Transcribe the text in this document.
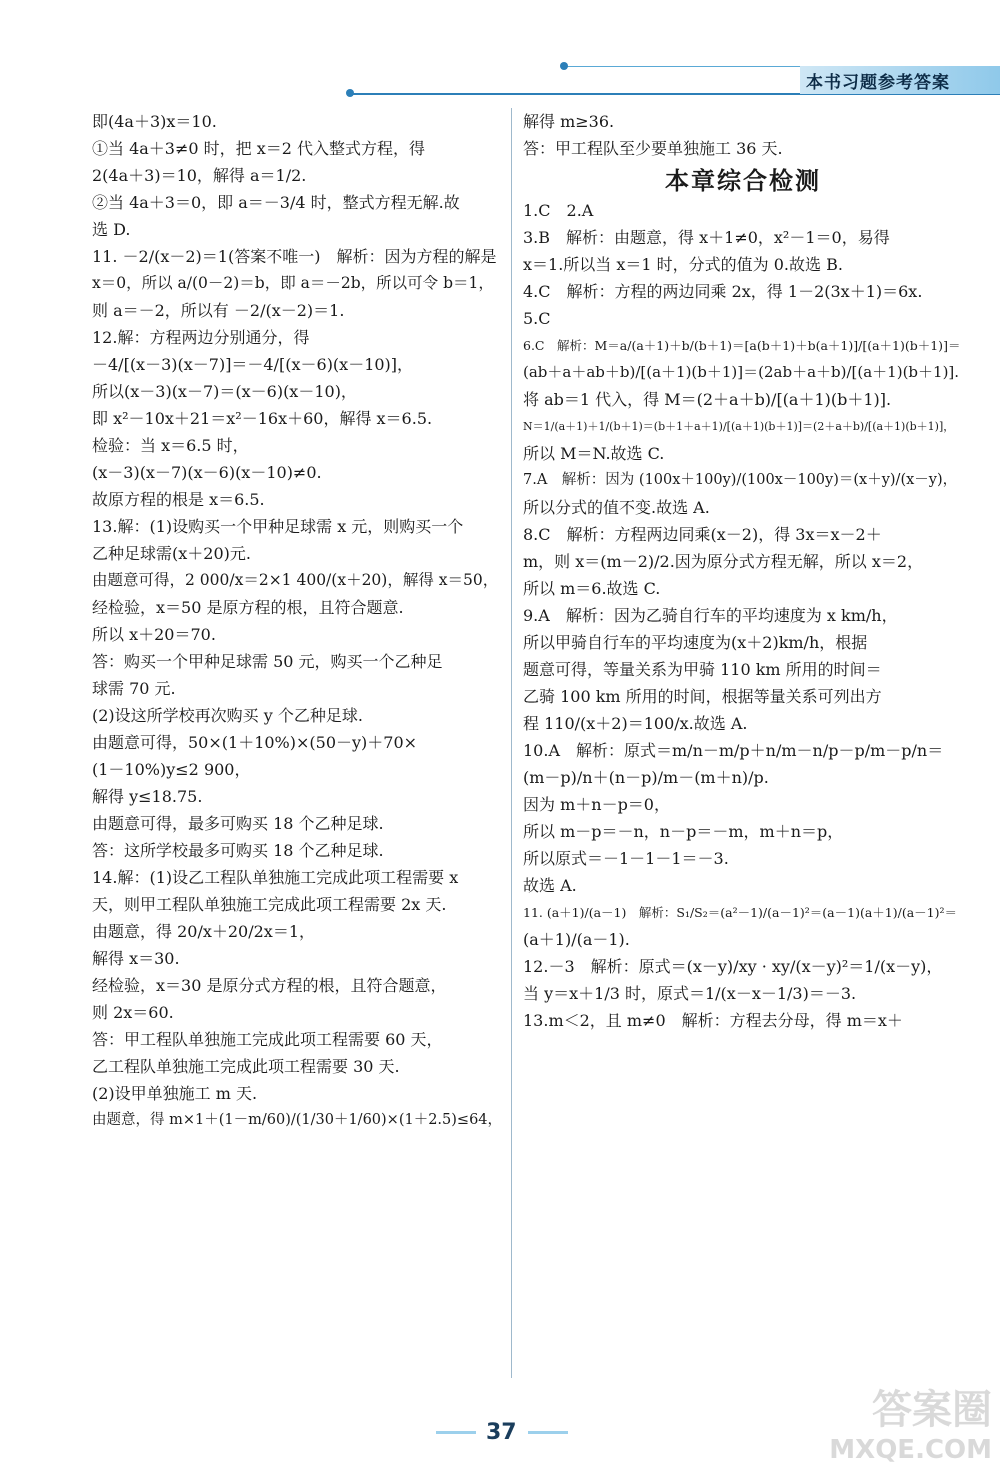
本书习题参考答案

即(4a＋3)x＝10.

①当 4a＋3≠0 时，把 x＝2 代入整式方程，得

2(4a＋3)＝10，解得 a＝1/2.

②当 4a＋3＝0，即 a＝－3/4 时，整式方程无解.故

选 D.

11. －2/(x－2)＝1(答案不唯一)　解析：因为方程的解是

x＝0，所以 a/(0－2)＝b，即 a＝－2b，所以可令 b＝1，

则 a＝－2，所以有 －2/(x－2)＝1.

12.解：方程两边分别通分，得

－4/[(x－3)(x－7)]＝－4/[(x－6)(x－10)]，

所以(x－3)(x－7)＝(x－6)(x－10)，

即 x²－10x＋21＝x²－16x＋60，解得 x＝6.5.

检验：当 x＝6.5 时，

(x－3)(x－7)(x－6)(x－10)≠0.

故原方程的根是 x＝6.5.

13.解：(1)设购买一个甲种足球需 x 元，则购买一个

乙种足球需(x＋20)元.

由题意可得，2 000/x＝2×1 400/(x＋20)，解得 x＝50，

经检验，x＝50 是原方程的根，且符合题意.

所以 x＋20＝70.

答：购买一个甲种足球需 50 元，购买一个乙种足

球需 70 元.

(2)设这所学校再次购买 y 个乙种足球.

由题意可得，50×(1＋10%)×(50－y)＋70×

(1－10%)y≤2 900，

解得 y≤18.75.

由题意可得，最多可购买 18 个乙种足球.

答：这所学校最多可购买 18 个乙种足球.

14.解：(1)设乙工程队单独施工完成此项工程需要 x

天，则甲工程队单独施工完成此项工程需要 2x 天.

由题意，得 20/x＋20/2x＝1，

解得 x＝30.

经检验，x＝30 是原分式方程的根，且符合题意，

则 2x＝60.

答：甲工程队单独施工完成此项工程需要 60 天，

乙工程队单独施工完成此项工程需要 30 天.

(2)设甲单独施工 m 天.

由题意，得 m×1＋(1－m/60)/(1/30＋1/60)×(1＋2.5)≤64，

解得 m≥36.

答：甲工程队至少要单独施工 36 天.

本章综合检测

1.C　2.A

3.B　解析：由题意，得 x＋1≠0，x²－1＝0，易得

x＝1.所以当 x＝1 时，分式的值为 0.故选 B.

4.C　解析：方程的两边同乘 2x，得 1－2(3x＋1)＝6x.

5.C

6.C　解析：M＝a/(a＋1)＋b/(b＋1)＝[a(b＋1)＋b(a＋1)]/[(a＋1)(b＋1)]＝

(ab＋a＋ab＋b)/[(a＋1)(b＋1)]＝(2ab＋a＋b)/[(a＋1)(b＋1)].

将 ab＝1 代入，得 M＝(2＋a＋b)/[(a＋1)(b＋1)].

N＝1/(a＋1)＋1/(b＋1)＝(b＋1＋a＋1)/[(a＋1)(b＋1)]＝(2＋a＋b)/[(a＋1)(b＋1)]，

所以 M＝N.故选 C.

7.A　解析：因为 (100x＋100y)/(100x－100y)＝(x＋y)/(x－y)，

所以分式的值不变.故选 A.

8.C　解析：方程两边同乘(x－2)，得 3x＝x－2＋

m，则 x＝(m－2)/2.因为原分式方程无解，所以 x＝2，

所以 m＝6.故选 C.

9.A　解析：因为乙骑自行车的平均速度为 x km/h，

所以甲骑自行车的平均速度为(x＋2)km/h，根据

题意可得，等量关系为甲骑 110 km 所用的时间＝

乙骑 100 km 所用的时间，根据等量关系可列出方

程 110/(x＋2)＝100/x.故选 A.

10.A　解析：原式＝m/n－m/p＋n/m－n/p－p/m－p/n＝

(m－p)/n＋(n－p)/m－(m＋n)/p.

因为 m＋n－p＝0，

所以 m－p＝－n，n－p＝－m，m＋n＝p，

所以原式＝－1－1－1＝－3.

故选 A.

11. (a＋1)/(a－1)　解析：S₁/S₂＝(a²－1)/(a－1)²＝(a－1)(a＋1)/(a－1)²＝

(a＋1)/(a－1).

12.－3　解析：原式＝(x－y)/xy · xy/(x－y)²＝1/(x－y)，

当 y＝x＋1/3 时，原式＝1/(x－x－1/3)＝－3.

13.m＜2，且 m≠0　解析：方程去分母，得 m＝x＋

37	答案圈
MXQE.COM
